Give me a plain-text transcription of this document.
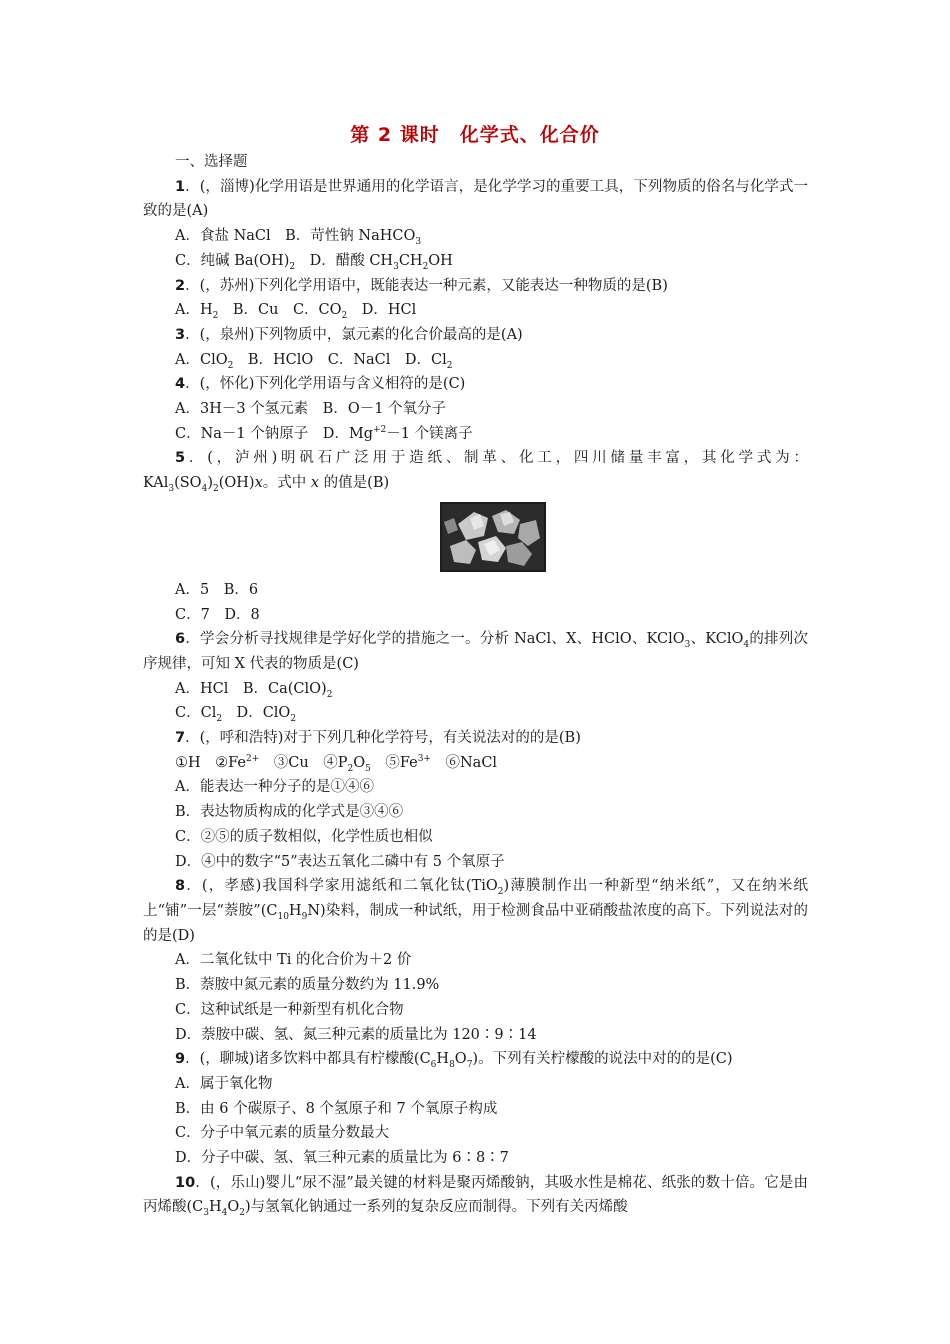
第 2 课时　化学式、化合价

一、选择题

1．(，淄博)化学用语是世界通用的化学语言，是化学学习的重要工具，下列物质的俗名与化学式一致的是(A)

A．食盐 NaCl　B．苛性钠 NaHCO$_3$

C．纯碱 $Ba(OH)_2$　D．醋酸 $CH_3CH_2OH$

2．(，苏州)下列化学用语中，既能表达一种元素，又能表达一种物质的是(B)

A．$H_2$　B．Cu　C．$CO_2$　D．HCl

3．(，泉州)下列物质中，氯元素的化合价最高的是(A)

A．ClO$_2$　B．HClO　C．NaCl　D．$Cl_2$

4．(，怀化)下列化学用语与含义相符的是(C)

A．3H－3 个氢元素　B．O－1 个氧分子

C．Na－1 个钠原子　D．$Mg^{+2}-1$ 个镁离子

5．(，泸州)明矾石广泛用于造纸、制革、化工，四川储量丰富，其化学式为：$KAl_3(SO_4)_2(OH)x$。式中 x 的值是(B)

A．5　B．6

C．7　D．8

6．学会分析寻找规律是学好化学的措施之一。分析 NaCl、X、HClO、KClO$_3$、KClO$_4$的排列次序规律，可知 X 代表的物质是(C)

A．HCl　B．$Ca(ClO)_2$

C．$Cl_2$　D．ClO$_2$

7．(，呼和浩特)对于下列几种化学符号，有关说法对的的是(B)

①H　$②Fe^{2+}$　③Cu　$④P_2O_5$　$⑤Fe^{3+}$　⑥NaCl

A．能表达一种分子的是①④⑥

B．表达物质构成的化学式是③④⑥

C．②⑤的质子数相似，化学性质也相似

D．④中的数字“5”表达五氧化二磷中有 5 个氧原子

8．(，孝感)我国科学家用滤纸和二氧化钛(TiO$_2$)薄膜制作出一种新型“纳米纸”，又在纳米纸上“铺”一层“萘胺$”(C_{10}H_9N)$染料，制成一种试纸，用于检测食品中亚硝酸盐浓度的高下。下列说法对的的是(D)

A．二氧化钛中 Ti 的化合价为＋2 价

B．萘胺中氮元素的质量分数约为 11.9%

C．这种试纸是一种新型有机化合物

D．萘胺中碳、氢、氮三种元素的质量比为 120∶9∶14

9．(，聊城)诸多饮料中都具有柠檬酸$(C_6H_8O_7)$。下列有关柠檬酸的说法中对的的是(C)

A．属于氧化物

B．由 6 个碳原子、8 个氢原子和 7 个氧原子构成

C．分子中氧元素的质量分数最大

D．分子中碳、氢、氧三种元素的质量比为 6∶8∶7

10．(，乐山)婴儿“尿不湿”最关键的材料是聚丙烯酸钠，其吸水性是棉花、纸张的数十倍。它是由丙烯酸$(C_3H_4O_2)$与氢氧化钠通过一系列的复杂反应而制得。下列有关丙烯酸
